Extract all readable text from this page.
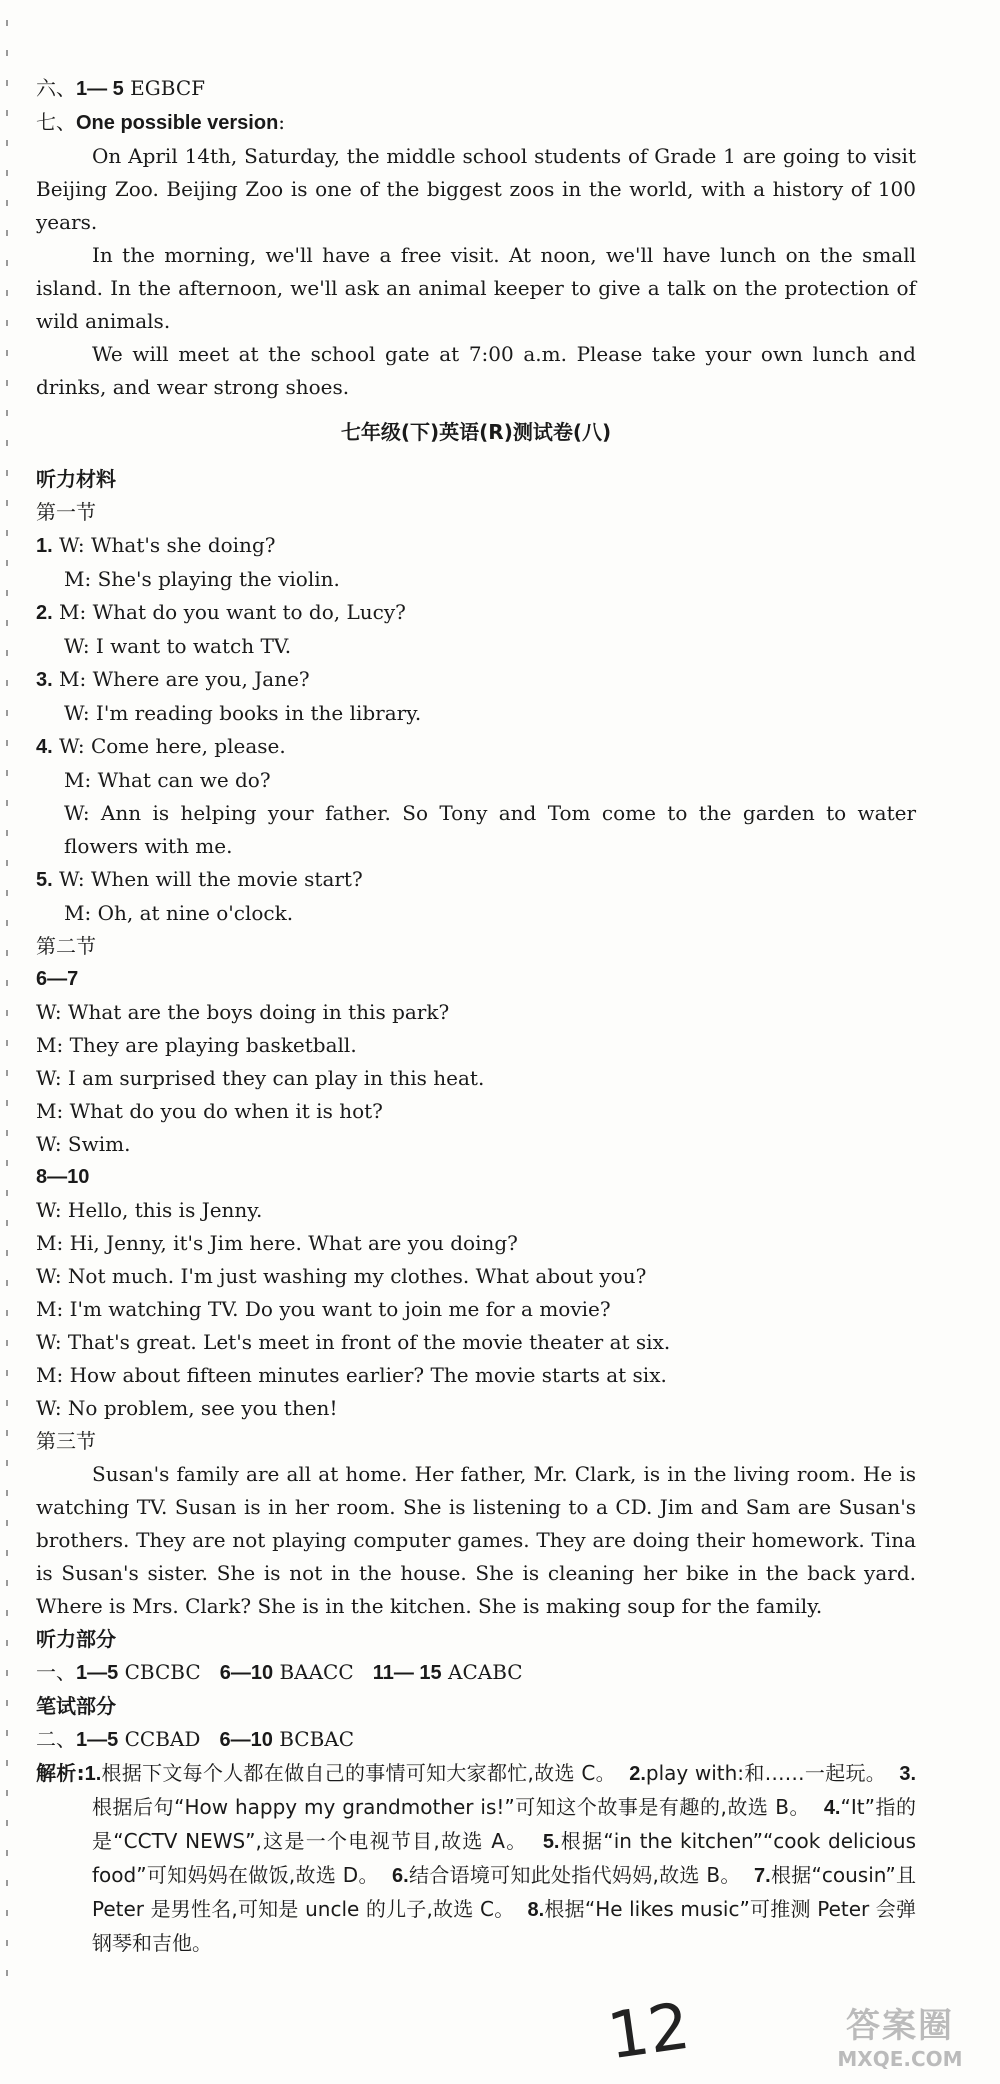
六、1— 5 EGBCF
七、One possible version:
On April 14th, Saturday, the middle school students of Grade 1 are going to visit Beijing Zoo. Beijing Zoo is one of the biggest zoos in the world, with a history of 100 years.
In the morning, we'll have a free visit. At noon, we'll have lunch on the small island. In the afternoon, we'll ask an animal keeper to give a talk on the protection of wild animals.
We will meet at the school gate at 7:00 a.m. Please take your own lunch and drinks, and wear strong shoes.
七年级(下)英语(R)测试卷(八)
听力材料
第一节
1. W: What's she doing?
M: She's playing the violin.
2. M: What do you want to do, Lucy?
W: I want to watch TV.
3. M: Where are you, Jane?
W: I'm reading books in the library.
4. W: Come here, please.
M: What can we do?
W: Ann is helping your father. So Tony and Tom come to the garden to water flowers with me.
5. W: When will the movie start?
M: Oh, at nine o'clock.
第二节
6—7
W: What are the boys doing in this park?
M: They are playing basketball.
W: I am surprised they can play in this heat.
M: What do you do when it is hot?
W: Swim.
8—10
W: Hello, this is Jenny.
M: Hi, Jenny, it's Jim here. What are you doing?
W: Not much. I'm just washing my clothes. What about you?
M: I'm watching TV. Do you want to join me for a movie?
W: That's great. Let's meet in front of the movie theater at six.
M: How about fifteen minutes earlier? The movie starts at six.
W: No problem, see you then!
第三节
Susan's family are all at home. Her father, Mr. Clark, is in the living room. He is watching TV. Susan is in her room. She is listening to a CD. Jim and Sam are Susan's brothers. They are not playing computer games. They are doing their homework. Tina is Susan's sister. She is not in the house. She is cleaning her bike in the back yard. Where is Mrs. Clark? She is in the kitchen. She is making soup for the family.
听力部分
一、1—5 CBCBC 6—10 BAACC 11— 15 ACABC
笔试部分
二、1—5 CCBAD 6—10 BCBAC
解析:1.根据下文每个人都在做自己的事情可知大家都忙,故选 C。 2.play with:和……一起玩。 3.根据后句“How happy my grandmother is!”可知这个故事是有趣的,故选 B。 4.“It”指的是“CCTV NEWS”,这是一个电视节目,故选 A。 5.根据“in the kitchen”“cook delicious food”可知妈妈在做饭,故选 D。 6.结合语境可知此处指代妈妈,故选 B。 7.根据“cousin”且 Peter 是男性名,可知是 uncle 的儿子,故选 C。 8.根据“He likes music”可推测 Peter 会弹钢琴和吉他。
12	答案圈
MXQE.COM
